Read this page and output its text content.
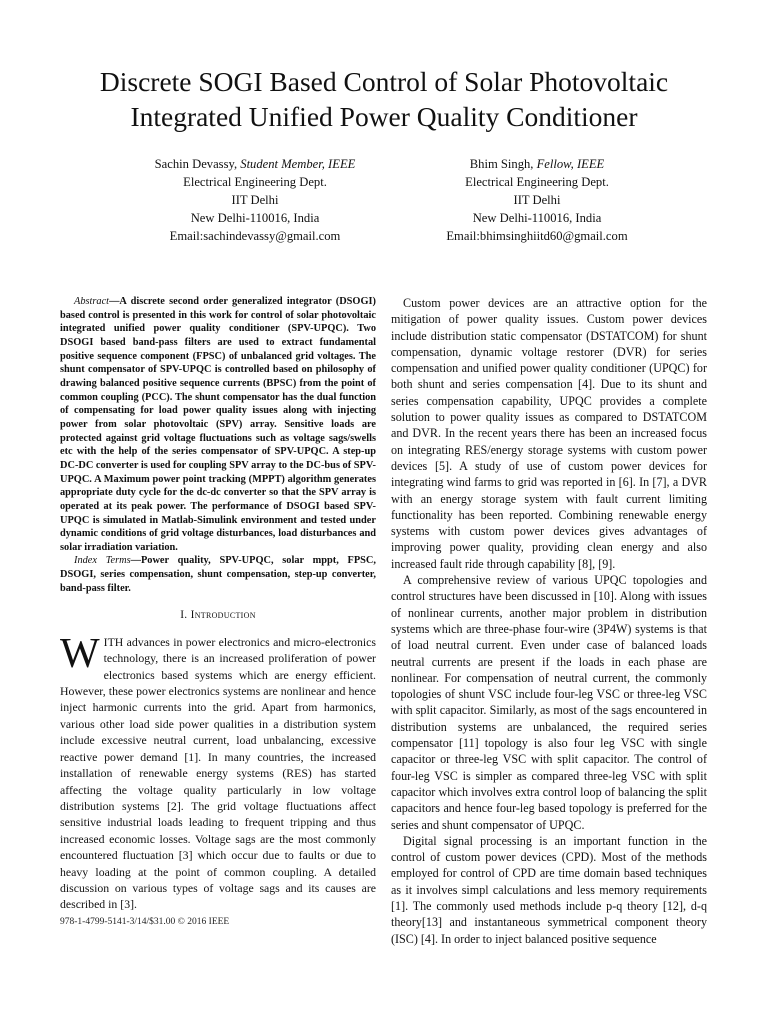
Discrete SOGI Based Control of Solar Photovoltaic
Integrated Unified Power Quality Conditioner
Sachin Devassy, Student Member, IEEE
Electrical Engineering Dept.
IIT Delhi
New Delhi-110016, India
Email:sachindevassy@gmail.com
Bhim Singh, Fellow, IEEE
Electrical Engineering Dept.
IIT Delhi
New Delhi-110016, India
Email:bhimsinghiitd60@gmail.com

Abstract—A discrete second order generalized integrator (DSOGI) based control is presented in this work for control of solar photovoltaic integrated unified power quality conditioner (SPV-UPQC). Two DSOGI based band-pass filters are used to extract fundamental positive sequence component (FPSC) of unbalanced grid voltages. The shunt compensator of SPV-UPQC is controlled based on philosophy of drawing balanced positive sequence currents (BPSC) from the point of common coupling (PCC). The shunt compensator has the dual function of compensating for load power quality issues along with injecting power from solar photovoltaic (SPV) array. Sensitive loads are protected against grid voltage fluctuations such as voltage sags/swells etc with the help of the series compensator of SPV-UPQC. A step-up DC-DC converter is used for coupling SPV array to the DC-bus of SPV-UPQC. A Maximum power point tracking (MPPT) algorithm generates appropriate duty cycle for the dc-dc converter so that the SPV array is operated at its peak power. The performance of DSOGI based SPV-UPQC is simulated in Matlab-Simulink environment and tested under dynamic conditions of grid voltage disturbances, load disturbances and solar irradiation variation.

Index Terms—Power quality, SPV-UPQC, solar mppt, FPSC, DSOGI, series compensation, shunt compensation, step-up converter, band-pass filter.

I. Introduction

WITH advances in power electronics and micro-electronics technology, there is an increased proliferation of power electronics based systems which are energy efficient. However, these power electronics systems are nonlinear and hence inject harmonic currents into the grid. Apart from harmonics, various other load side power qualities in a distribution system include excessive neutral current, load unbalancing, excessive reactive power demand [1]. In many countries, the increased installation of renewable energy systems (RES) has started affecting the voltage quality particularly in low voltage distribution systems [2]. The grid voltage fluctuations affect sensitive industrial loads leading to frequent tripping and thus increased economic losses. Voltage sags are the most commonly encountered fluctuation [3] which occur due to faults or due to heavy loading at the point of common coupling. A detailed discussion on various types of voltage sags and its causes are described in [3].

Custom power devices are an attractive option for the mitigation of power quality issues. Custom power devices include distribution static compensator (DSTATCOM) for shunt compensation, dynamic voltage restorer (DVR) for series compensation and unified power quality conditioner (UPQC) for both shunt and series compensation [4]. Due to its shunt and series compensation capability, UPQC provides a complete solution to power quality issues as compared to DSTATCOM and DVR. In the recent years there has been an increased focus on integrating RES/energy storage systems with custom power devices [5]. A study of use of custom power devices for integrating wind farms to grid was reported in [6]. In [7], a DVR with an energy storage system with fault current limiting functionality has been reported. Combining renewable energy systems with custom power devices gives advantages of improving power quality, providing clean energy and also increased fault ride through capability [8], [9].

A comprehensive review of various UPQC topologies and control structures have been discussed in [10]. Along with issues of nonlinear currents, another major problem in distribution systems which are three-phase four-wire (3P4W) systems is that of load neutral current. Even under case of balanced loads neutral currents are present if the loads in each phase are nonlinear. For compensation of neutral current, the commonly topologies of shunt VSC include four-leg VSC or three-leg VSC with split capacitor. Similarly, as most of the sags encountered in distribution systems are unbalanced, the required series compensator [11] topology is also four leg VSC with single capacitor or three-leg VSC with split capacitor. The control of four-leg VSC is simpler as compared three-leg VSC with split capacitor which involves extra control loop of balancing the split capacitors and hence four-leg based topology is preferred for the series and shunt compensator of UPQC.

Digital signal processing is an important function in the control of custom power devices (CPD). Most of the methods employed for control of CPD are time domain based techniques as it involves simpl calculations and less memory requirements [1]. The commonly used methods include p-q theory [12], d-q theory[13] and instantaneous symmetrical component theory (ISC) [4]. In order to inject balanced positive sequence

978-1-4799-5141-3/14/$31.00 © 2016 IEEE
